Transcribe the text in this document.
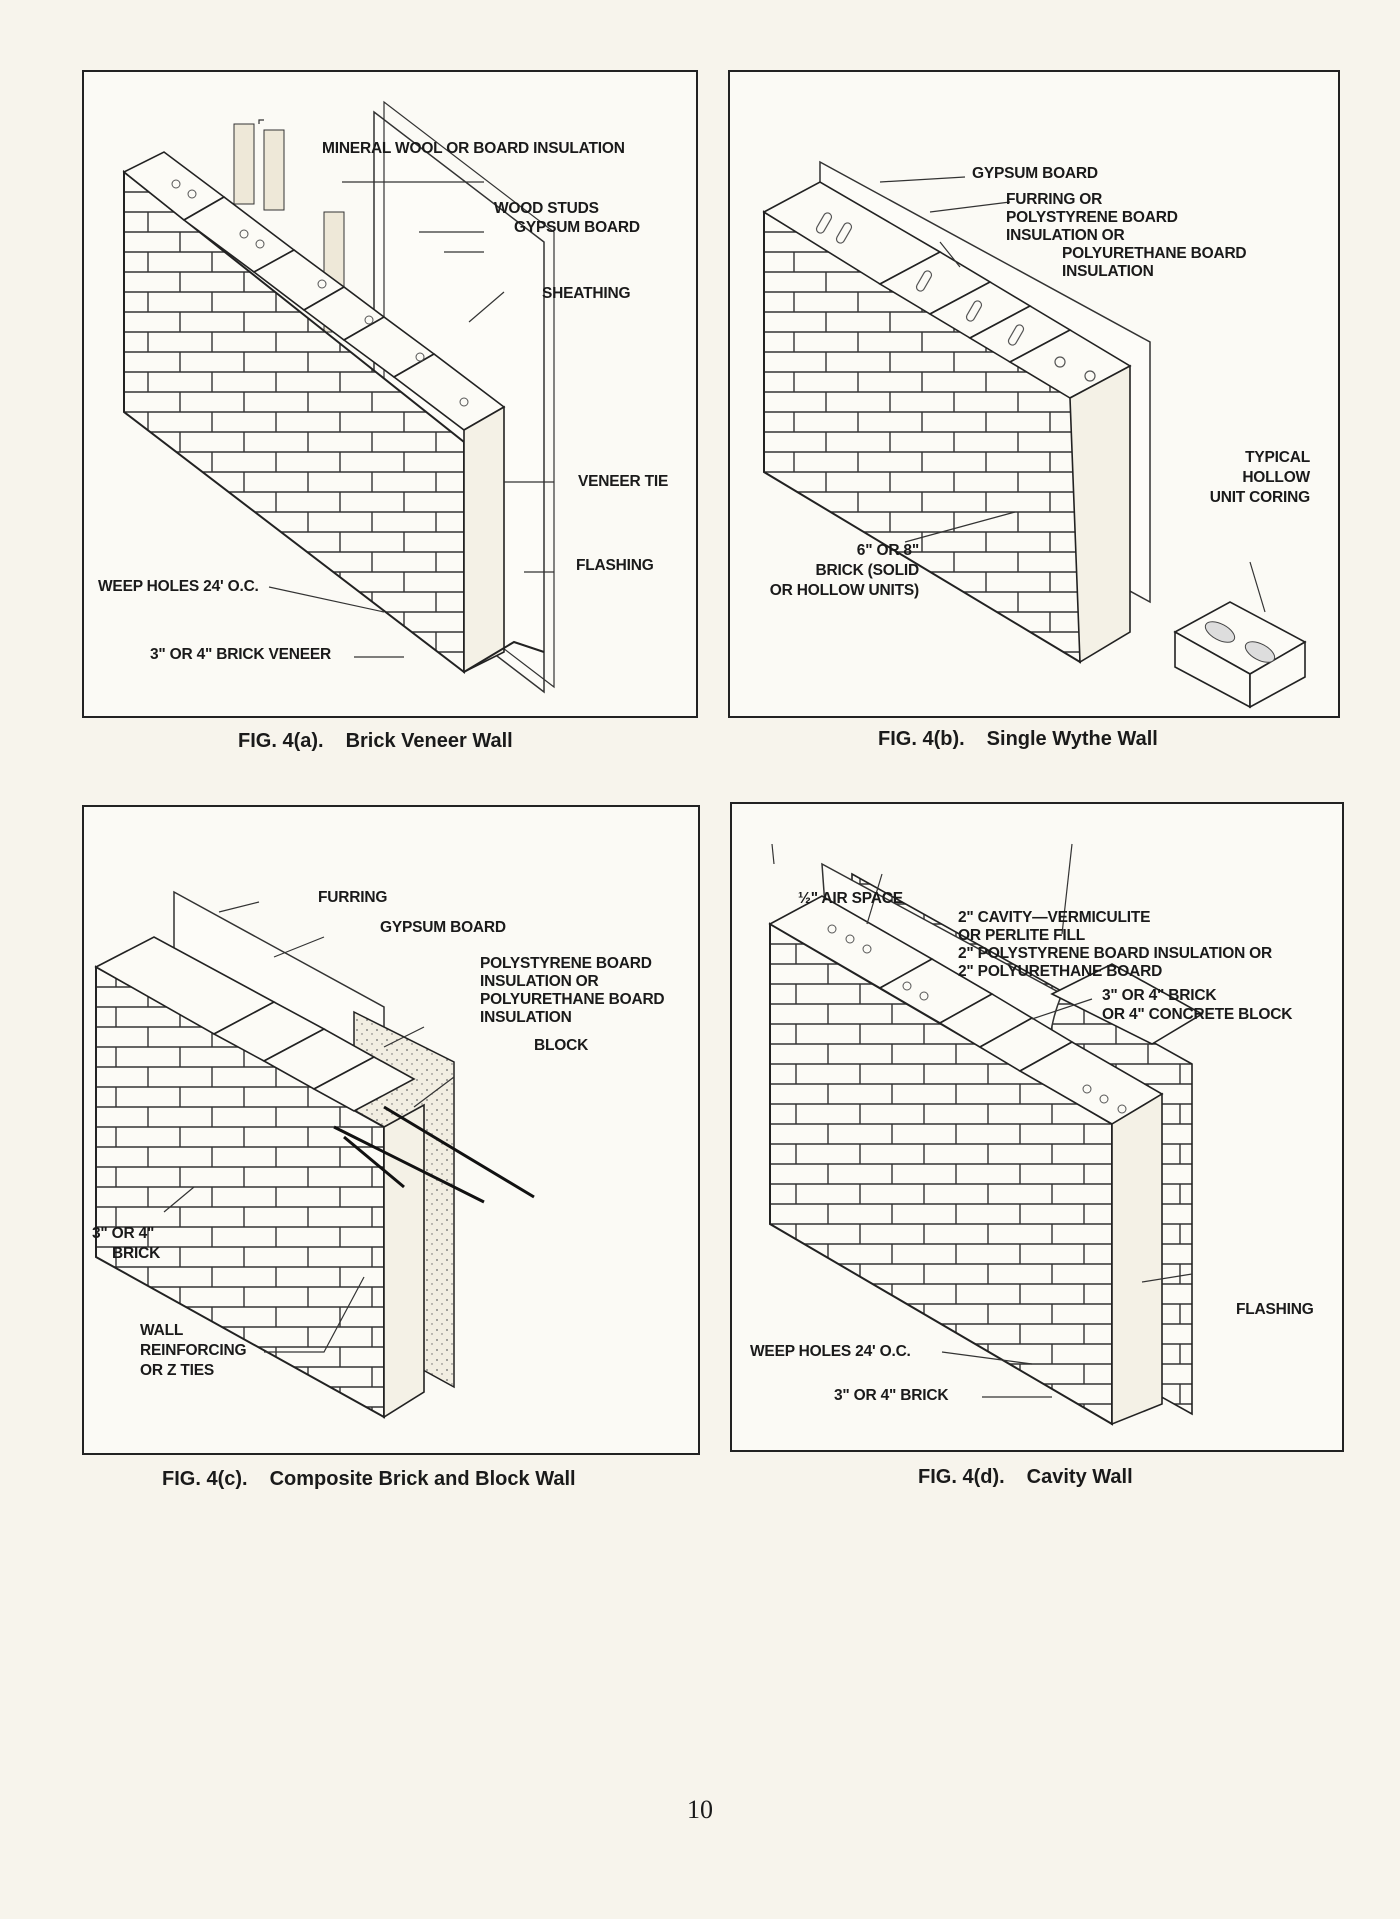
MINERAL WOOL OR BOARD INSULATION
WOOD STUDS
GYPSUM BOARD
SHEATHING
VENEER TIE
FLASHING
WEEP HOLES 24' O.C.
3" OR 4" BRICK VENEER
FIG. 4(a). Brick Veneer Wall
GYPSUM BOARD
FURRING OR
POLYSTYRENE BOARD
INSULATION OR
POLYURETHANE BOARD
INSULATION
TYPICAL
HOLLOW
UNIT CORING
6" OR 8"
BRICK (SOLID
OR HOLLOW UNITS)
FIG. 4(b). Single Wythe Wall
FURRING
GYPSUM BOARD
POLYSTYRENE BOARD
INSULATION OR
POLYURETHANE BOARD
INSULATION
BLOCK
3" OR 4"
BRICK
WALL
REINFORCING
OR Z TIES
FIG. 4(c). Composite Brick and Block Wall
½" AIR SPACE
2" CAVITY—VERMICULITE
OR PERLITE FILL
2" POLYSTYRENE BOARD INSULATION OR
2" POLYURETHANE BOARD
3" OR 4" BRICK
OR 4" CONCRETE BLOCK
FLASHING
WEEP HOLES 24' O.C.
3" OR 4" BRICK
FIG. 4(d). Cavity Wall
10
